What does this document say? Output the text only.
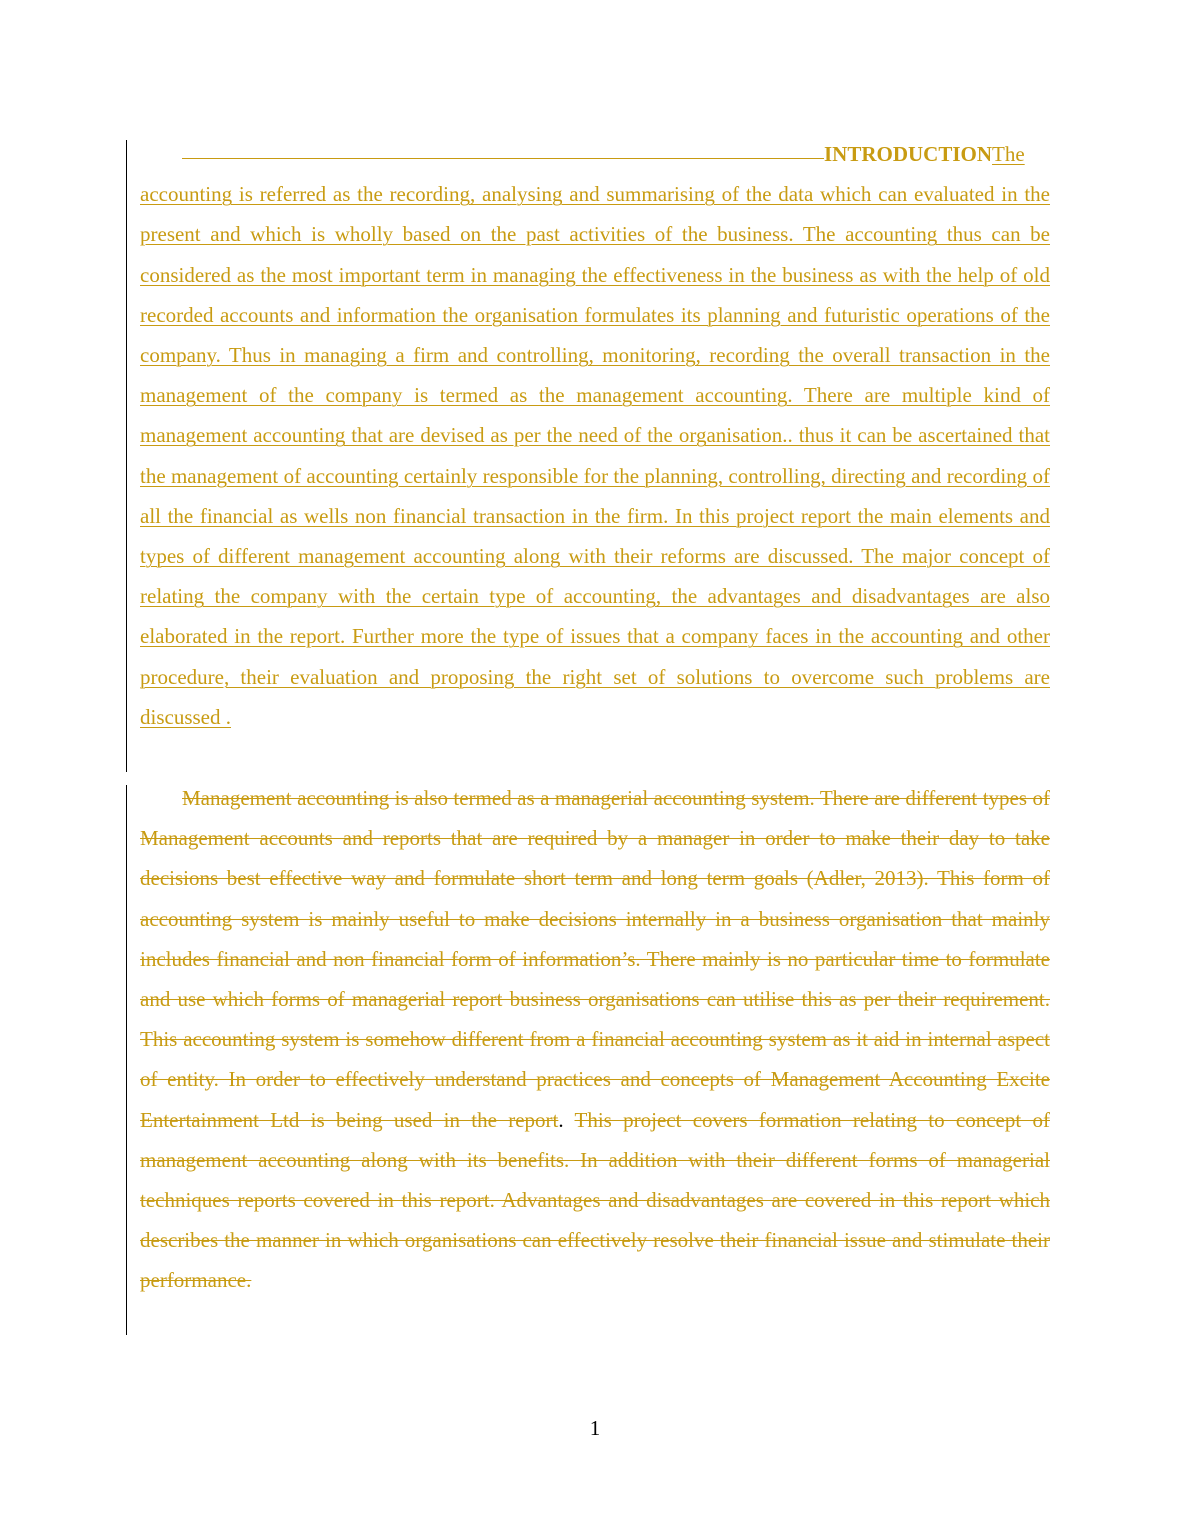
INTRODUCTIONThe accounting is referred as the recording, analysing and summarising of the data which can evaluated in the present and which is wholly based on the past activities of the business. The accounting thus can be considered as the most important term in managing the effectiveness in the business as with the help of old recorded accounts and information the organisation formulates its planning and futuristic operations of the company. Thus in managing a firm and controlling, monitoring, recording the overall transaction in the management of the company is termed as the management accounting. There are multiple kind of management accounting that are devised as per the need of the organisation.. thus it can be ascertained that the management of accounting certainly responsible for the planning, controlling, directing and recording of all the financial as wells non financial transaction in the firm. In this project report the main elements and types of different management accounting along with their reforms are discussed. The major concept of relating the company with the certain type of accounting, the advantages and disadvantages are also elaborated in the report. Further more the type of issues that a company faces in the accounting and other procedure, their evaluation and proposing the right set of solutions to overcome such problems are discussed .

Management accounting is also termed as a managerial accounting system. There are different types of Management accounts and reports that are required by a manager in order to make their day to take decisions best effective way and formulate short term and long term goals (Adler, 2013). This form of accounting system is mainly useful to make decisions internally in a business organisation that mainly includes financial and non financial form of information’s. There mainly is no particular time to formulate and use which forms of managerial report business organisations can utilise this as per their requirement. This accounting system is somehow different from a financial accounting system as it aid in internal aspect of entity. In order to effectively understand practices and concepts of Management Accounting Excite Entertainment Ltd is being used in the report. This project covers formation relating to concept of management accounting along with its benefits. In addition with their different forms of managerial techniques reports covered in this report. Advantages and disadvantages are covered in this report which describes the manner in which organisations can effectively resolve their financial issue and stimulate their performance.

1
